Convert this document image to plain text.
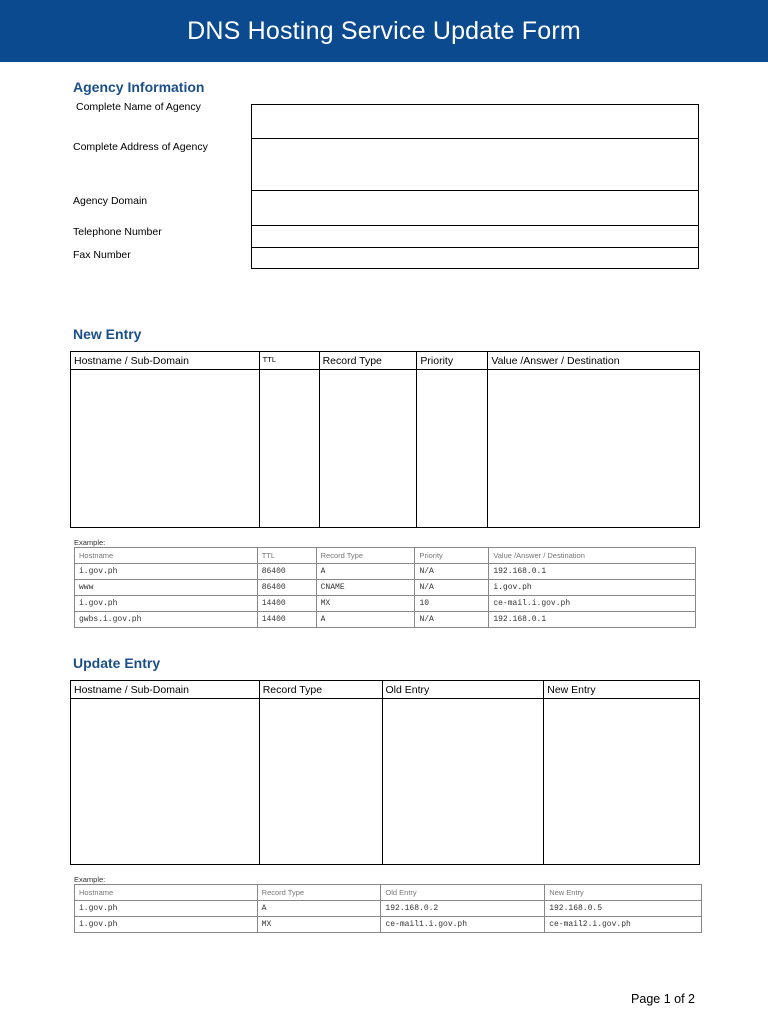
DNS Hosting Service Update Form
Agency Information
Complete Name of Agency
Complete Address of Agency
Agency Domain
Telephone Number
Fax Number
New Entry
Hostname / Sub-Domain	TTL	Record Type	Priority	Value /Answer / Destination

Example:
Hostname	TTL	Record Type	Priority	Value /Answer / Destination
i.gov.ph	86400	A	N/A	192.168.0.1
www	86400	CNAME	N/A	i.gov.ph
i.gov.ph	14400	MX	10	ce-mail.i.gov.ph
gwbs.i.gov.ph	14400	A	N/A	192.168.0.1
Update Entry
Hostname / Sub-Domain	Record Type	Old Entry	New Entry

Example:
Hostname	Record Type	Old Entry	New Entry
i.gov.ph	A	192.168.0.2	192.168.0.5
i.gov.ph	MX	ce-mail1.i.gov.ph	ce-mail2.i.gov.ph
Page 1 of 2
